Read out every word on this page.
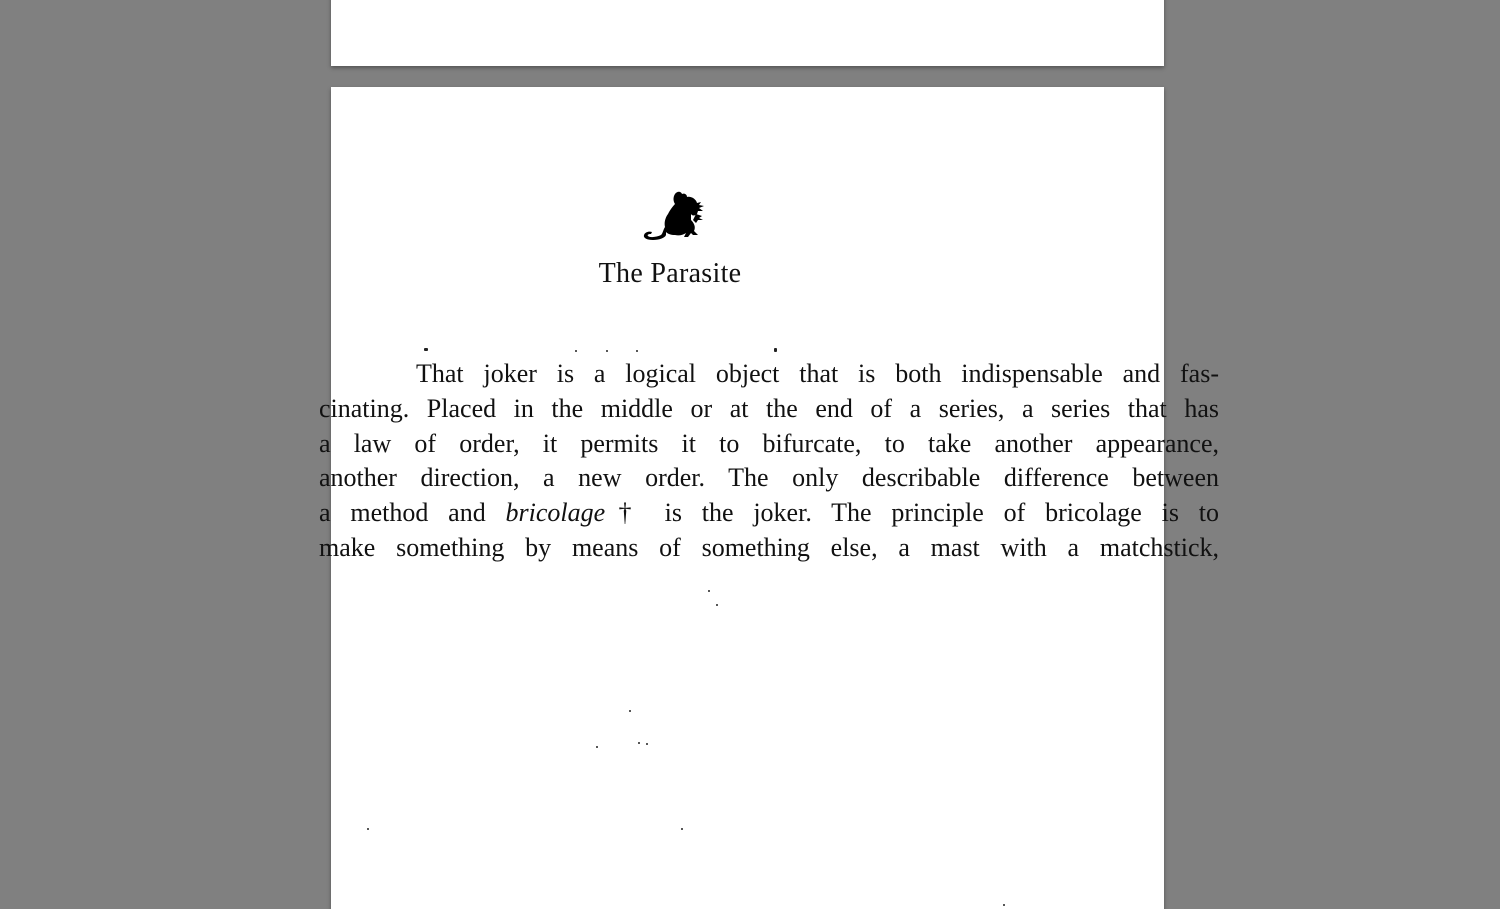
The Parasite
That joker is a logical object that is both indispensable and fas-
cinating. Placed in the middle or at the end of a series, a series that has
a law of order, it permits it to bifurcate, to take another appearance,
another direction, a new order. The only describable difference between
a method and bricolage† is the joker. The principle of bricolage is to
make something by means of something else, a mast with a matchstick,
